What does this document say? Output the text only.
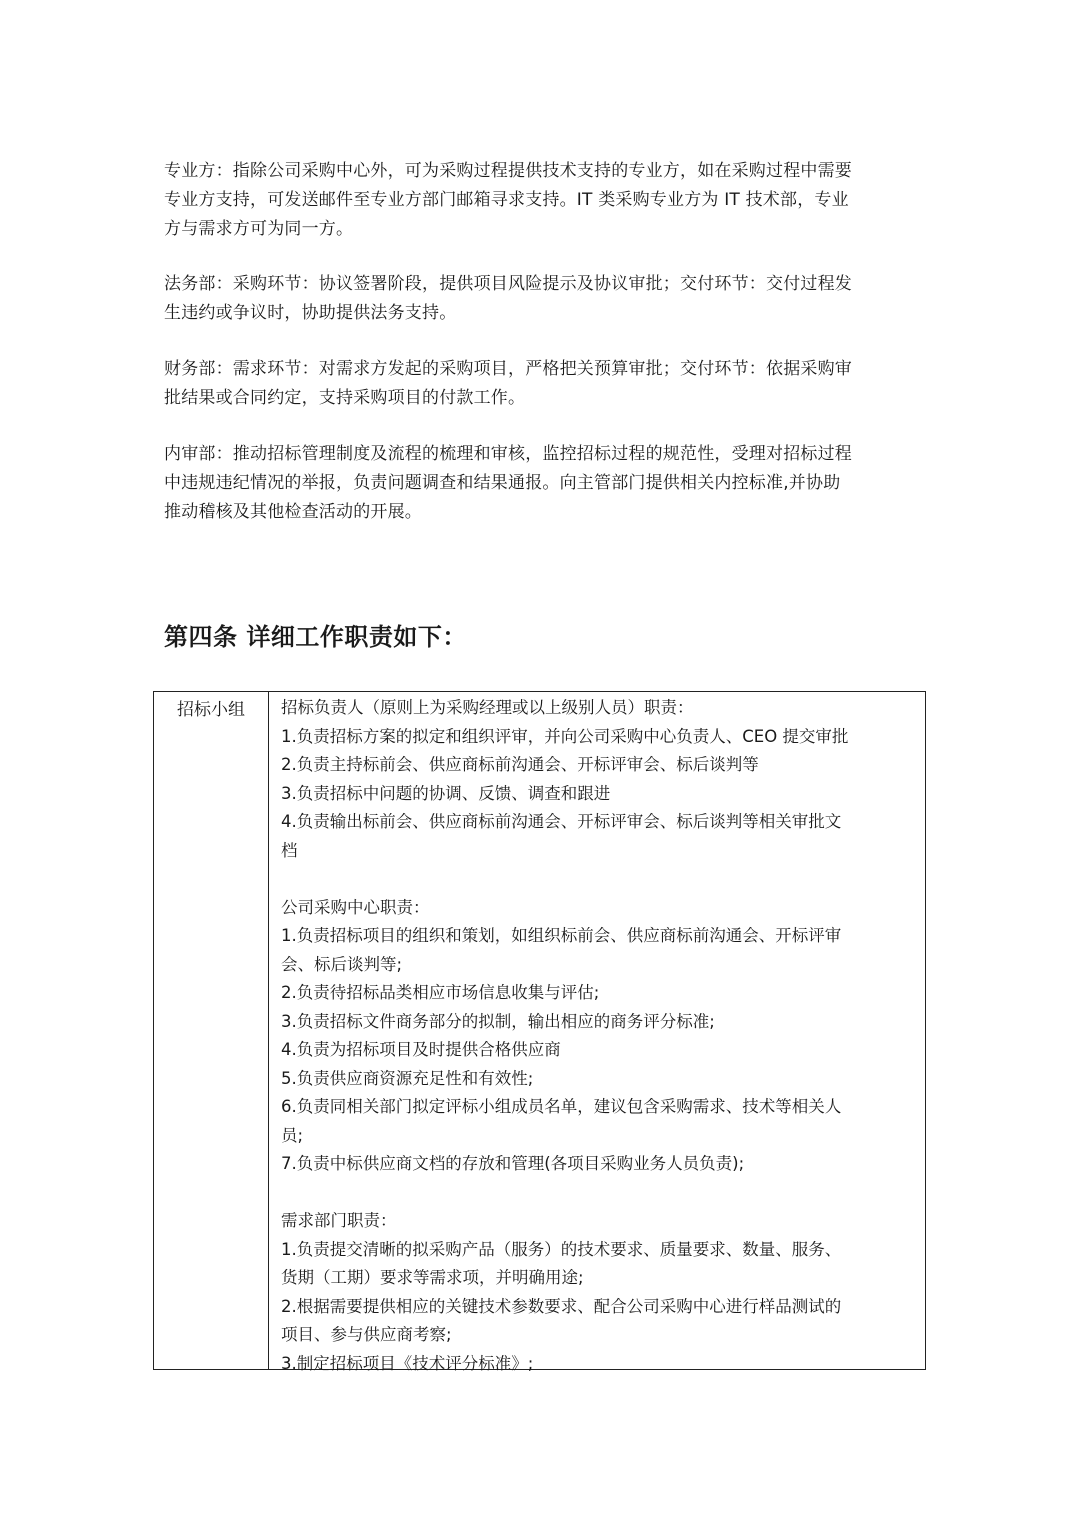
专业方：指除公司采购中心外，可为采购过程提供技术支持的专业方，如在采购过程中需要
专业方支持，可发送邮件至专业方部门邮箱寻求支持。IT 类采购专业方为 IT 技术部，专业
方与需求方可为同一方。
法务部：采购环节：协议签署阶段，提供项目风险提示及协议审批；交付环节：交付过程发
生违约或争议时，协助提供法务支持。
财务部：需求环节：对需求方发起的采购项目，严格把关预算审批；交付环节：依据采购审
批结果或合同约定，支持采购项目的付款工作。
内审部：推动招标管理制度及流程的梳理和审核，监控招标过程的规范性，受理对招标过程
中违规违纪情况的举报，负责问题调查和结果通报。向主管部门提供相关内控标准,并协助
推动稽核及其他检查活动的开展。
第四条 详细工作职责如下：
招标小组	招标负责人（原则上为采购经理或以上级别人员）职责：
1.负责招标方案的拟定和组织评审，并向公司采购中心负责人、CEO 提交审批
2.负责主持标前会、供应商标前沟通会、开标评审会、标后谈判等
3.负责招标中问题的协调、反馈、调查和跟进
4.负责输出标前会、供应商标前沟通会、开标评审会、标后谈判等相关审批文
档
公司采购中心职责：
1.负责招标项目的组织和策划，如组织标前会、供应商标前沟通会、开标评审
会、标后谈判等;
2.负责待招标品类相应市场信息收集与评估;
3.负责招标文件商务部分的拟制，输出相应的商务评分标准;
4.负责为招标项目及时提供合格供应商
5.负责供应商资源充足性和有效性;
6.负责同相关部门拟定评标小组成员名单，建议包含采购需求、技术等相关人
员;
7.负责中标供应商文档的存放和管理(各项目采购业务人员负责);
需求部门职责：
1.负责提交清晰的拟采购产品（服务）的技术要求、质量要求、数量、服务、
货期（工期）要求等需求项，并明确用途;
2.根据需要提供相应的关键技术参数要求、配合公司采购中心进行样品测试的
项目、参与供应商考察;
3.制定招标项目《技术评分标准》;
